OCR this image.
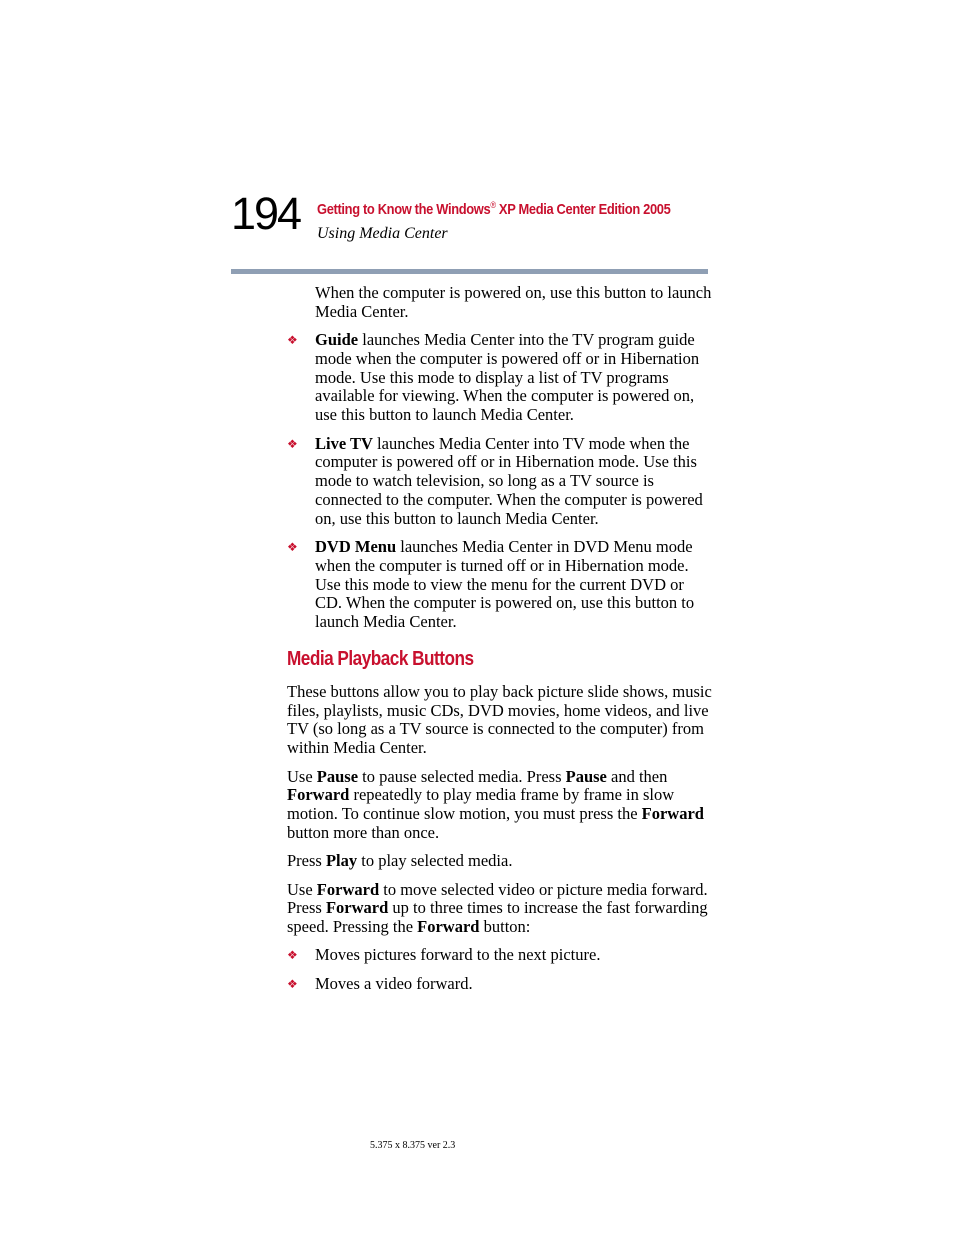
194 Getting to Know the Windows® XP Media Center Edition 2005
Using Media Center

When the computer is powered on, use this button to launch Media Center.

❖ Guide launches Media Center into the TV program guide mode when the computer is powered off or in Hibernation mode. Use this mode to display a list of TV programs available for viewing. When the computer is powered on, use this button to launch Media Center.
❖ Live TV launches Media Center into TV mode when the computer is powered off or in Hibernation mode. Use this mode to watch television, so long as a TV source is connected to the computer. When the computer is powered on, use this button to launch Media Center.
❖ DVD Menu launches Media Center in DVD Menu mode when the computer is turned off or in Hibernation mode. Use this mode to view the menu for the current DVD or CD. When the computer is powered on, use this button to launch Media Center.
Media Playback Buttons

These buttons allow you to play back picture slide shows, music files, playlists, music CDs, DVD movies, home videos, and live TV (so long as a TV source is connected to the computer) from within Media Center.

Use Pause to pause selected media. Press Pause and then Forward repeatedly to play media frame by frame in slow motion. To continue slow motion, you must press the Forward button more than once.

Press Play to play selected media.

Use Forward to move selected video or picture media forward. Press Forward up to three times to increase the fast forwarding speed. Pressing the Forward button:

❖ Moves pictures forward to the next picture.
❖ Moves a video forward.
5.375 x 8.375 ver 2.3
